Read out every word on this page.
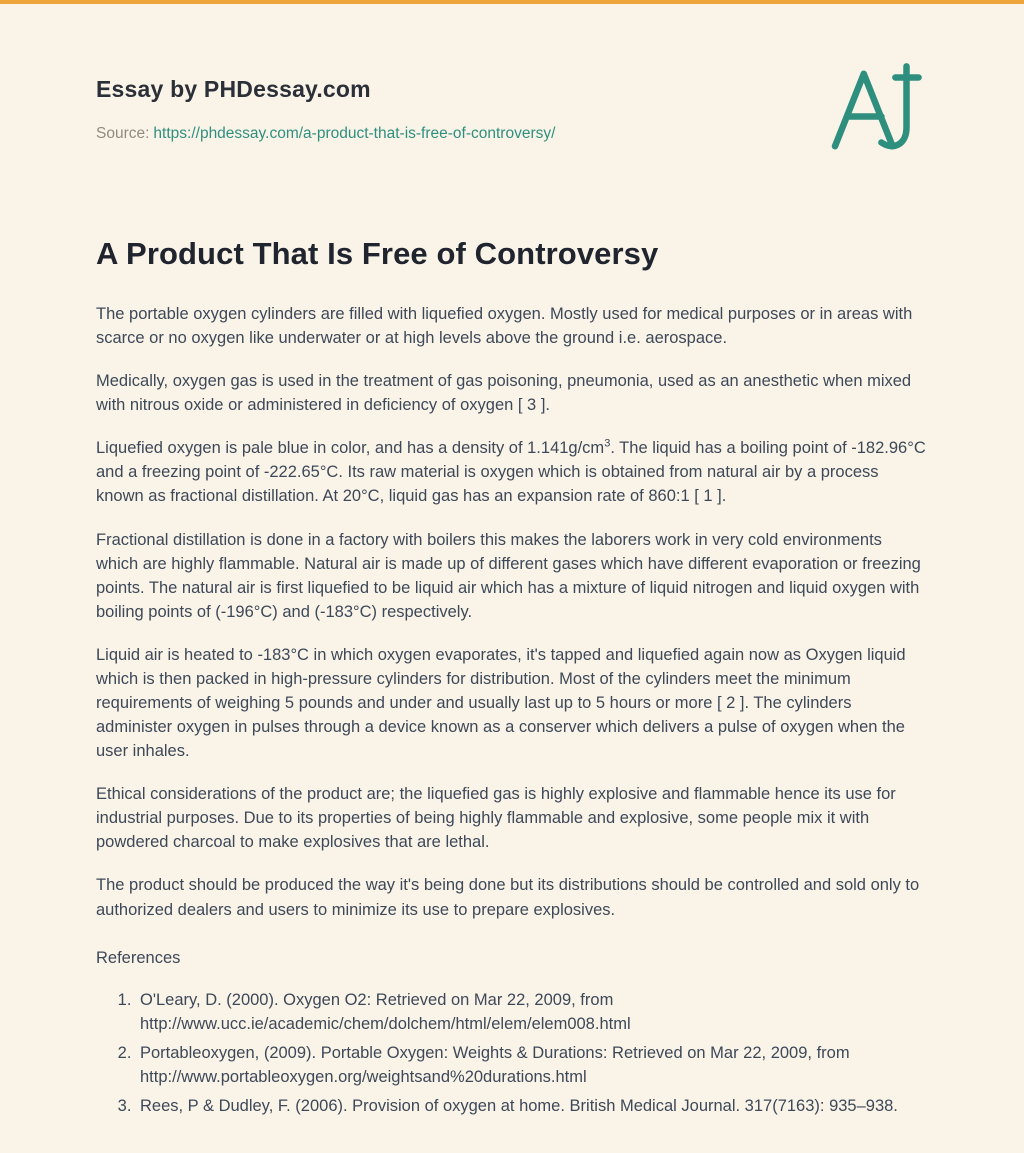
Essay by PHDessay.com

Source: https://phdessay.com/a-product-that-is-free-of-controversy/

A Product That Is Free of Controversy

The portable oxygen cylinders are filled with liquefied oxygen. Mostly used for medical purposes or in areas with scarce or no oxygen like underwater or at high levels above the ground i.e. aerospace.

Medically, oxygen gas is used in the treatment of gas poisoning, pneumonia, used as an anesthetic when mixed with nitrous oxide or administered in deficiency of oxygen [ 3 ].

Liquefied oxygen is pale blue in color, and has a density of $1.141g/cm^3$. The liquid has a boiling point of -182.96°C and a freezing point of -222.65°C. Its raw material is oxygen which is obtained from natural air by a process known as fractional distillation. At 20°C, liquid gas has an expansion rate of 860:1 [ 1 ].

Fractional distillation is done in a factory with boilers this makes the laborers work in very cold environments which are highly flammable. Natural air is made up of different gases which have different evaporation or freezing points. The natural air is first liquefied to be liquid air which has a mixture of liquid nitrogen and liquid oxygen with boiling points of (-196°C) and (-183°C) respectively.

Liquid air is heated to -183°C in which oxygen evaporates, it's tapped and liquefied again now as Oxygen liquid which is then packed in high-pressure cylinders for distribution. Most of the cylinders meet the minimum requirements of weighing 5 pounds and under and usually last up to 5 hours or more [ 2 ]. The cylinders administer oxygen in pulses through a device known as a conserver which delivers a pulse of oxygen when the user inhales.

Ethical considerations of the product are; the liquefied gas is highly explosive and flammable hence its use for industrial purposes. Due to its properties of being highly flammable and explosive, some people mix it with powdered charcoal to make explosives that are lethal.

The product should be produced the way it's being done but its distributions should be controlled and sold only to authorized dealers and users to minimize its use to prepare explosives.

References

1. O'Leary, D. (2000). Oxygen O2: Retrieved on Mar 22, 2009, from http://www.ucc.ie/academic/chem/dolchem/html/elem/elem008.html
2. Portableoxygen, (2009). Portable Oxygen: Weights & Durations: Retrieved on Mar 22, 2009, from http://www.portableoxygen.org/weightsand%20durations.html
3. Rees, P & Dudley, F. (2006). Provision of oxygen at home. British Medical Journal. 317(7163): 935–938.
